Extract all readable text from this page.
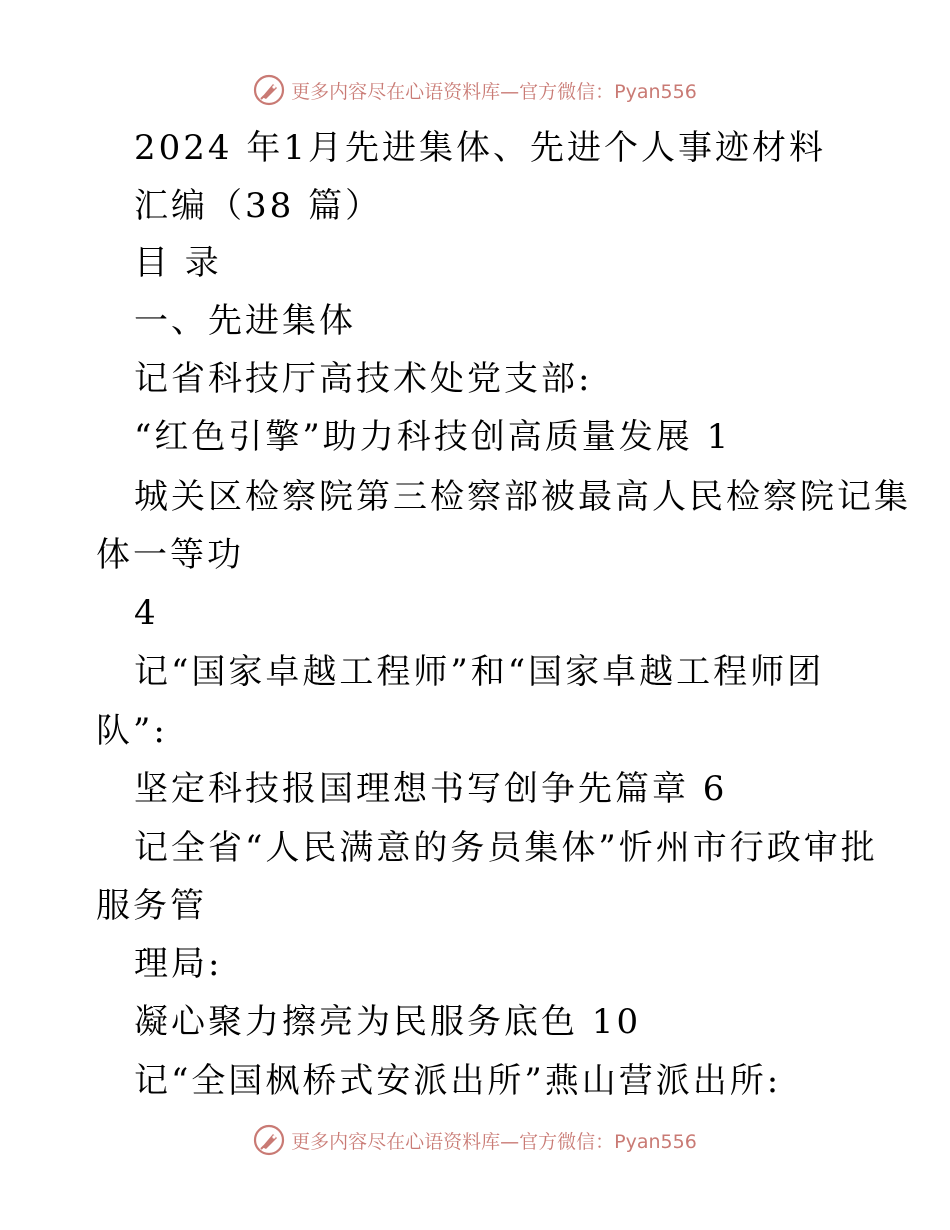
更多内容尽在心语资料库—官方微信：Pyan556
2024 年1月先进集体、先进个人事迹材料
汇编（38 篇）
目 录
一、先进集体
记省科技厅高技术处党支部:
“红色引擎”助力科技创高质量发展 1
城关区检察院第三检察部被最高人民检察院记集
体一等功
4
记“国家卓越工程师”和“国家卓越工程师团
队”:
坚定科技报国理想书写创争先篇章 6
记全省“人民满意的务员集体”忻州市行政审批
服务管
理局:
凝心聚力擦亮为民服务底色 10
记“全国枫桥式安派出所”燕山营派出所:
更多内容尽在心语资料库—官方微信：Pyan556
